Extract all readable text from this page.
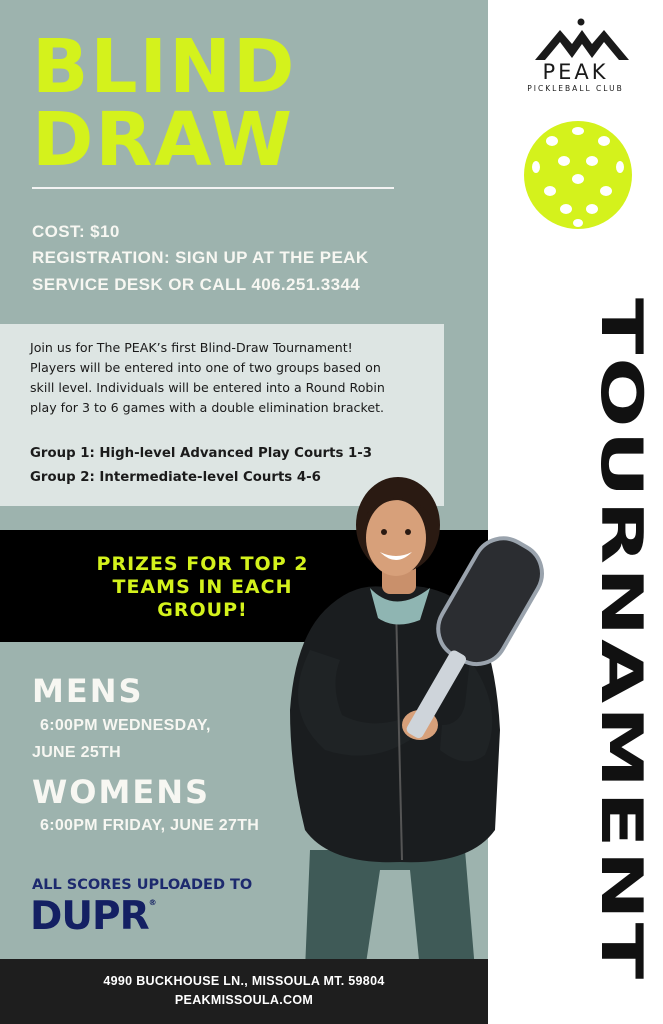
BLIND
DRAW
COST: $10
REGISTRATION: SIGN UP AT THE PEAK
SERVICE DESK OR CALL 406.251.3344
Join us for The PEAK’s first Blind-Draw Tournament!
Players will be entered into one of two groups based on
skill level. Individuals will be entered into a Round Robin
play for 3 to 6 games with a double elimination bracket.
Group 1: High-level Advanced Play Courts 1-3
Group 2: Intermediate-level Courts 4-6
PRIZES FOR TOP 2
TEAMS IN EACH
GROUP!
MENS
6:00PM WEDNESDAY,
JUNE 25TH
WOMENS
6:00PM FRIDAY, JUNE 27TH
ALL SCORES UPLOADED TO
DUPR®
4990 BUCKHOUSE LN., MISSOULA MT. 59804
PEAKMISSOULA.COM
PEAK
PICKLEBALL CLUB
TOURNAMENT
